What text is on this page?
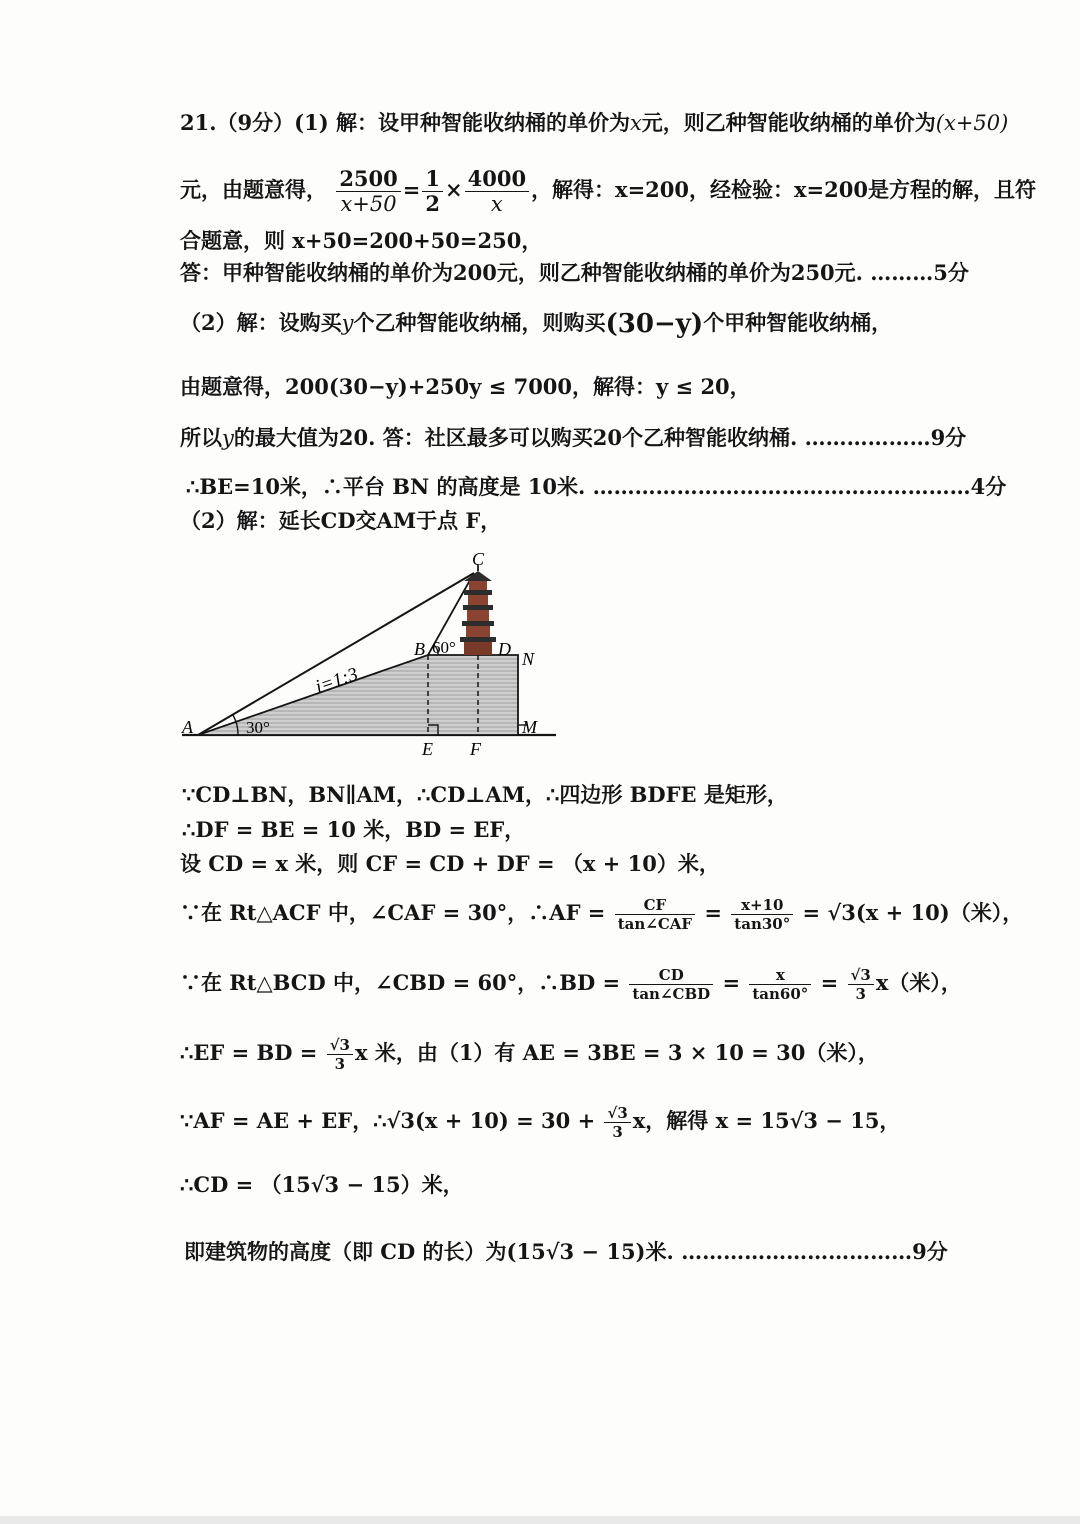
21.（9分）(1) 解：设甲种智能收纳桶的单价为x元，则乙种智能收纳桶的单价为(x+50)
元，由题意得， $\frac{2500}{x+50} = \frac{1}{2} \times \frac{4000}{x}$ ，解得：x=200，经检验：x=200是方程的解，且符
合题意，则 x+50=200+50=250，
答：甲种智能收纳桶的单价为200元，则乙种智能收纳桶的单价为250元. ………5分
（2）解：设购买y个乙种智能收纳桶，则购买(30−y)个甲种智能收纳桶，
由题意得，200(30−y)+250y ≤ 7000，解得：y ≤ 20，
所以y的最大值为20. 答：社区最多可以购买20个乙种智能收纳桶. ………………9分
∴BE=10米，∴平台 BN 的高度是 10米. ………………………………………………4分
（2）解：延长CD交AM于点 F，
C
B 60° D N
A	30°
i=1:3
M
E F
∵CD⊥BN，BN∥AM，∴CD⊥AM，∴四边形 BDFE 是矩形，
∴DF = BE = 10 米，BD = EF，
设 CD = x 米，则 CF = CD + DF = （x + 10）米，
∵在 Rt△ACF 中，∠CAF = 30°，∴AF = $\frac{CF}{\text{tan∠CAF}} = \frac{x+10}{\tan 30^\circ} = √3(x + 10)$（米），
∵在 Rt△BCD 中，∠CBD = 60°，∴BD = $\frac{CD}{\text{tan∠CBD}} = \frac{x}{\tan 60^\circ} = \frac{√3}{3} x$（米），
∴EF = BD = $\frac{√3}{3}$ x 米，由（1）有 AE = 3BE = 3 × 10 = 30（米），
∵AF = AE + EF，∴√3(x + $10) = 30 + \frac{√3}{3}$ x，解得 x = 15√3 − 15，
∴CD = （15√3 − 15）米，
即建筑物的高度（即 CD 的长）为(15√3 − 15)米. ……………………………9分
